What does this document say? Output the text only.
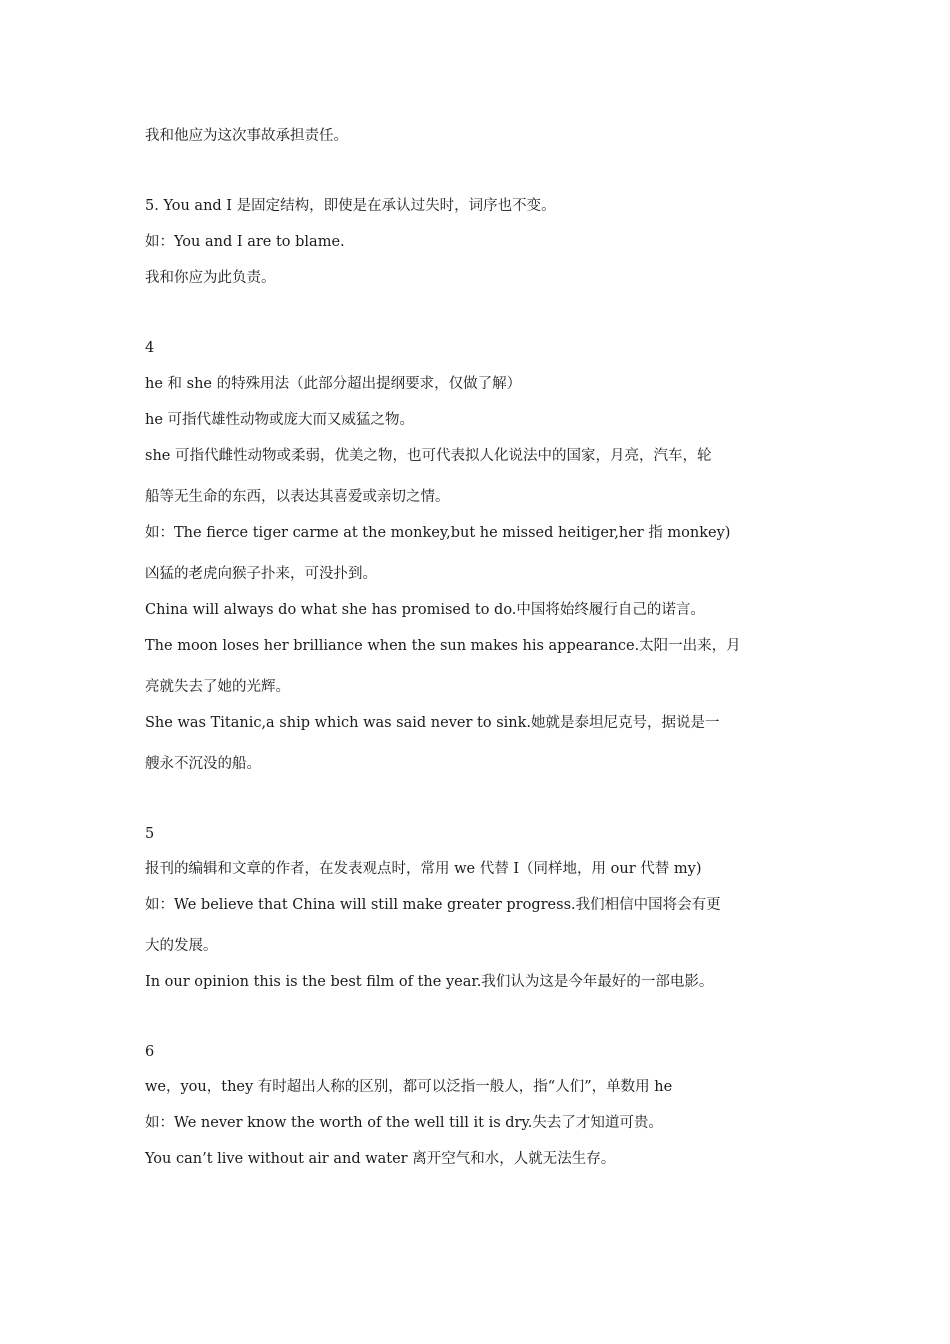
我和他应为这次事故承担责任。
5. You and I 是固定结构，即使是在承认过失时，词序也不变。
如：You and I are to blame.
我和你应为此负责。
4
he 和 she 的特殊用法（此部分超出提纲要求，仅做了解）
he 可指代雄性动物或庞大而又威猛之物。
she 可指代雌性动物或柔弱，优美之物，也可代表拟人化说法中的国家，月亮，汽车，轮
船等无生命的东西，以表达其喜爱或亲切之情。
如：The fierce tiger carme at the monkey,but he missed heitiger,her 指 monkey)
凶猛的老虎向猴子扑来，可没扑到。
China will always do what she has promised to do.中国将始终履行自己的诺言。
The moon loses her brilliance when the sun makes his appearance.太阳一出来，月
亮就失去了她的光辉。
She was Titanic,a ship which was said never to sink.她就是泰坦尼克号，据说是一
艘永不沉没的船。
5
报刊的编辑和文章的作者，在发表观点时，常用 we 代替 I（同样地，用 our 代替 my)
如：We believe that China will still make greater progress.我们相信中国将会有更
大的发展。
In our opinion this is the best film of the year.我们认为这是今年最好的一部电影。
6
we，you，they 有时超出人称的区别，都可以泛指一般人，指“人们”，单数用 he
如：We never know the worth of the well till it is dry.失去了才知道可贵。
You can’t live without air and water 离开空气和水，人就无法生存。
